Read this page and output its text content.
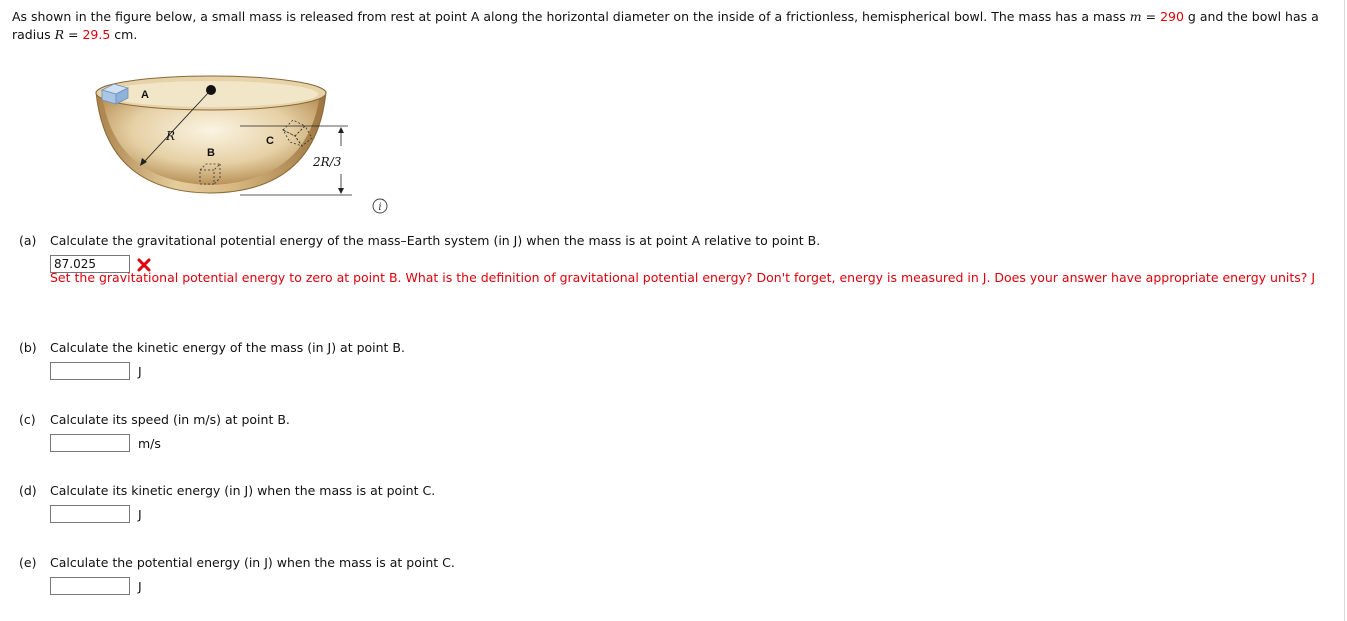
As shown in the figure below, a small mass is released from rest at point A along the horizontal diameter on the inside of a frictionless, hemispherical bowl. The mass has a mass m = 290 g and the bowl has a radius R = 29.5 cm.
A
B
C
R
2R/3
i
(a) Calculate the gravitational potential energy of the mass–Earth system (in J) when the mass is at point A relative to point B.
87.025
Set the gravitational potential energy to zero at point B. What is the definition of gravitational potential energy? Don't forget, energy is measured in J. Does your answer have appropriate energy units? J
(b) Calculate the kinetic energy of the mass (in J) at point B.
J
(c) Calculate its speed (in m/s) at point B.
m/s
(d) Calculate its kinetic energy (in J) when the mass is at point C.
J
(e) Calculate the potential energy (in J) when the mass is at point C.
J
